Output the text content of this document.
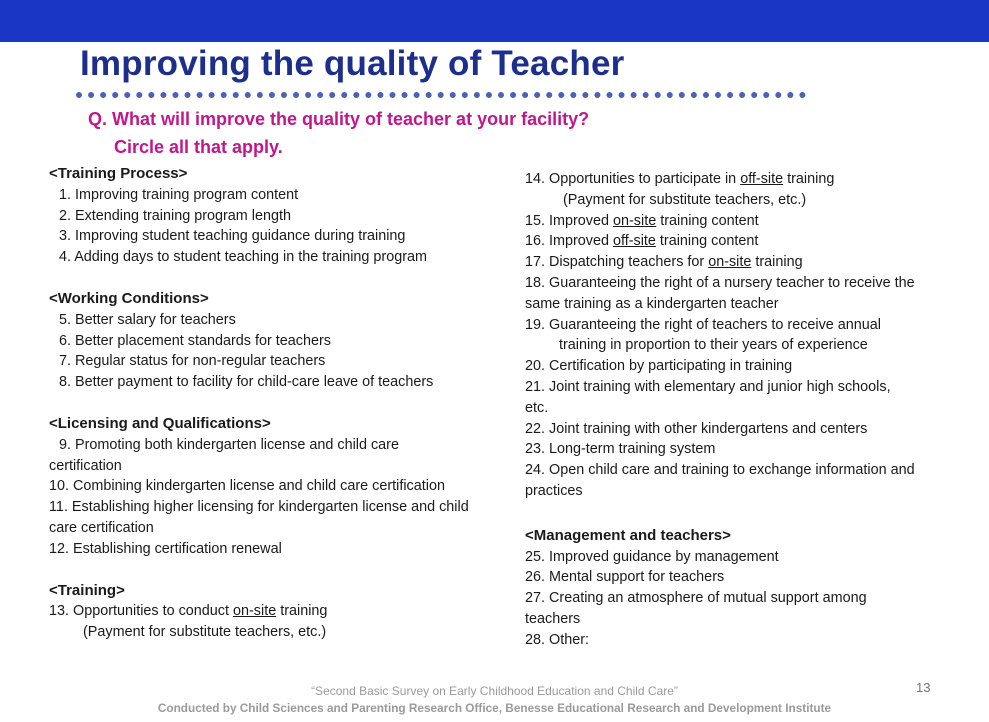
Improving the quality of Teacher
Q. What will improve the quality of teacher at your facility?
Circle all that apply.
<Training Process>
1. Improving training program content
2. Extending training program length
3. Improving student teaching guidance during training
4. Adding days to student teaching in the training program
<Working Conditions>
5. Better salary for teachers
6. Better placement standards for teachers
7. Regular status for non-regular teachers
8. Better payment to facility for child-care leave of teachers
<Licensing and Qualifications>
9. Promoting both kindergarten license and child care
certification
10. Combining kindergarten license and child care certification
11. Establishing higher licensing for kindergarten license and child
care certification
12. Establishing certification renewal
<Training>
13. Opportunities to conduct on-site training
(Payment for substitute teachers, etc.)
14. Opportunities to participate in off-site training
(Payment for substitute teachers, etc.)
15. Improved on-site training content
16. Improved off-site training content
17. Dispatching teachers for on-site training
18. Guaranteeing the right of a nursery teacher to receive the
same training as a kindergarten teacher
19. Guaranteeing the right of teachers to receive annual
training in proportion to their years of experience
20. Certification by participating in training
21. Joint training with elementary and junior high schools,
etc.
22. Joint training with other kindergartens and centers
23. Long-term training system
24. Open child care and training to exchange information and
practices
<Management and teachers>
25. Improved guidance by management
26. Mental support for teachers
27. Creating an atmosphere of mutual support among
teachers
28. Other:
“Second Basic Survey on Early Childhood Education and Child Care”
Conducted by Child Sciences and Parenting Research Office, Benesse Educational Research and Development Institute
13
